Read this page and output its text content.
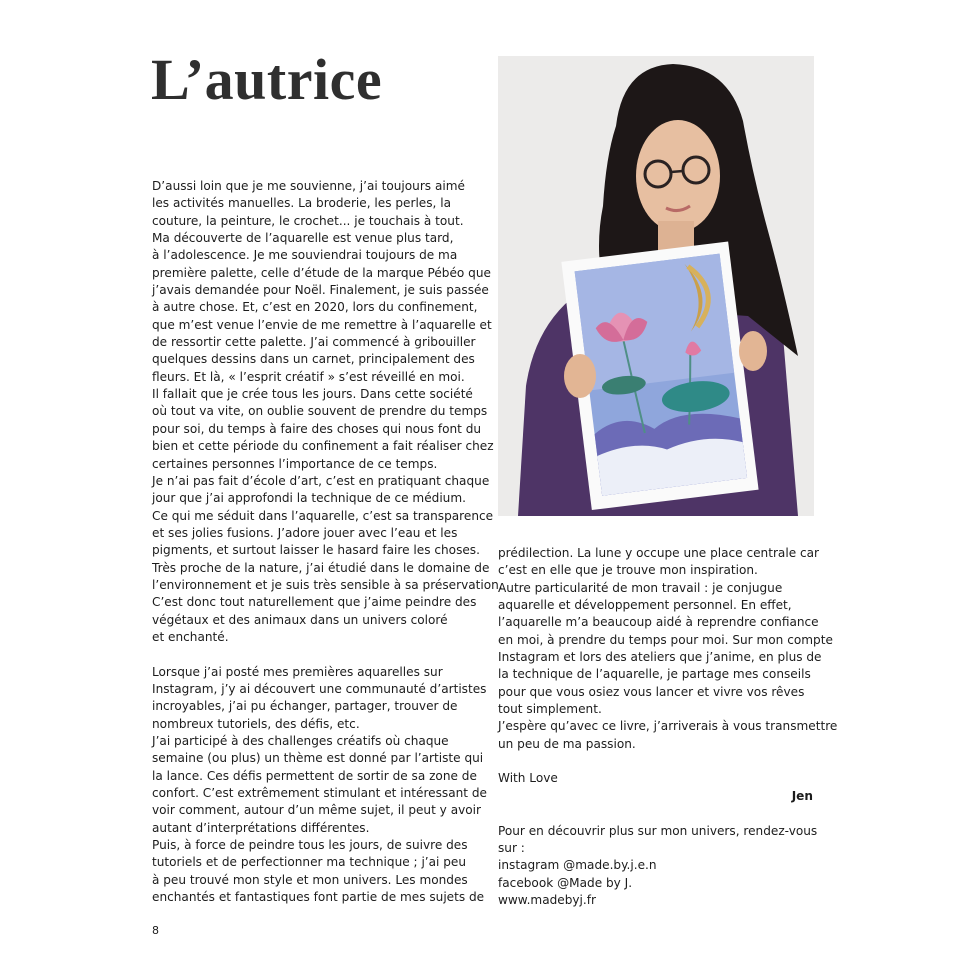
L’autrice
D’aussi loin que je me souvienne, j’ai toujours aimé
les activités manuelles. La broderie, les perles, la
couture, la peinture, le crochet... je touchais à tout.
Ma découverte de l’aquarelle est venue plus tard,
à l’adolescence. Je me souviendrai toujours de ma
première palette, celle d’étude de la marque Pébéo que
j’avais demandée pour Noël. Finalement, je suis passée
à autre chose. Et, c’est en 2020, lors du confinement,
que m’est venue l’envie de me remettre à l’aquarelle et
de ressortir cette palette. J’ai commencé à gribouiller
quelques dessins dans un carnet, principalement des
fleurs. Et là, « l’esprit créatif » s’est réveillé en moi.
Il fallait que je crée tous les jours. Dans cette société
où tout va vite, on oublie souvent de prendre du temps
pour soi, du temps à faire des choses qui nous font du
bien et cette période du confinement a fait réaliser chez
certaines personnes l’importance de ce temps.
Je n’ai pas fait d’école d’art, c’est en pratiquant chaque
jour que j’ai approfondi la technique de ce médium.
Ce qui me séduit dans l’aquarelle, c’est sa transparence
et ses jolies fusions. J’adore jouer avec l’eau et les
pigments, et surtout laisser le hasard faire les choses.
Très proche de la nature, j’ai étudié dans le domaine de
l’environnement et je suis très sensible à sa préservation.
C’est donc tout naturellement que j’aime peindre des
végétaux et des animaux dans un univers coloré
et enchanté.
Lorsque j’ai posté mes premières aquarelles sur
Instagram, j’y ai découvert une communauté d’artistes
incroyables, j’ai pu échanger, partager, trouver de
nombreux tutoriels, des défis, etc.
J’ai participé à des challenges créatifs où chaque
semaine (ou plus) un thème est donné par l’artiste qui
la lance. Ces défis permettent de sortir de sa zone de
confort. C’est extrêmement stimulant et intéressant de
voir comment, autour d’un même sujet, il peut y avoir
autant d’interprétations différentes.
Puis, à force de peindre tous les jours, de suivre des
tutoriels et de perfectionner ma technique ; j’ai peu
à peu trouvé mon style et mon univers. Les mondes
enchantés et fantastiques font partie de mes sujets de
prédilection. La lune y occupe une place centrale car
c’est en elle que je trouve mon inspiration.
Autre particularité de mon travail : je conjugue
aquarelle et développement personnel. En effet,
l’aquarelle m’a beaucoup aidé à reprendre confiance
en moi, à prendre du temps pour moi. Sur mon compte
Instagram et lors des ateliers que j’anime, en plus de
la technique de l’aquarelle, je partage mes conseils
pour que vous osiez vous lancer et vivre vos rêves
tout simplement.
J’espère qu’avec ce livre, j’arriverais à vous transmettre
un peu de ma passion.
With Love
Jen
Pour en découvrir plus sur mon univers, rendez-vous
sur :
instagram @made.by.j.e.n
facebook @Made by J.
www.madebyj.fr
8
